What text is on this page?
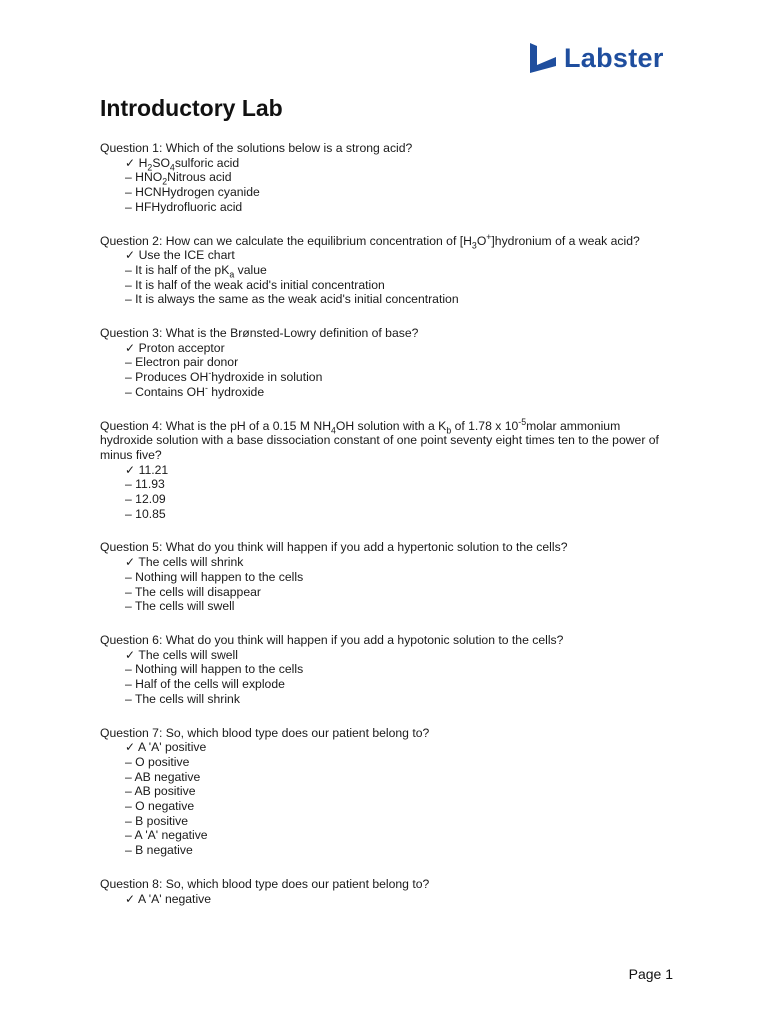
Labster
Introductory Lab

Question 1: Which of the solutions below is a strong acid?

✓ $H_2SO_4sulforic$ acid
– $HNO_2Nitrous$ acid
– HCNHydrogen cyanide
– HFHydrofluoric acid

Question 2: How can we calculate the equilibrium concentration of $[H_3O^+]hydronium$ of a weak acid?

✓ Use the ICE chart
– It is half of the $pK_a$ value
– It is half of the weak acid's initial concentration
– It is always the same as the weak acid's initial concentration

Question 3: What is the Brønsted-Lowry definition of base?

✓ Proton acceptor
– Electron pair donor
– Produces OH-hydroxide in solution
– Contains OH- hydroxide

Question 4: What is the pH of a 0.15 M $NH_4OH$ solution with a $K_b$ of 1.78 x $10^{-5}molar$ ammonium hydroxide solution with a base dissociation constant of one point seventy eight times ten to the power of minus five?

✓ 11.21
– 11.93
– 12.09
– 10.85

Question 5: What do you think will happen if you add a hypertonic solution to the cells?

✓ The cells will shrink
– Nothing will happen to the cells
– The cells will disappear
– The cells will swell

Question 6: What do you think will happen if you add a hypotonic solution to the cells?

✓ The cells will swell
– Nothing will happen to the cells
– Half of the cells will explode
– The cells will shrink

Question 7: So, which blood type does our patient belong to?

✓ A 'A' positive
– O positive
– AB negative
– AB positive
– O negative
– B positive
– A 'A' negative
– B negative

Question 8: So, which blood type does our patient belong to?

✓ A 'A' negative
Page 1
